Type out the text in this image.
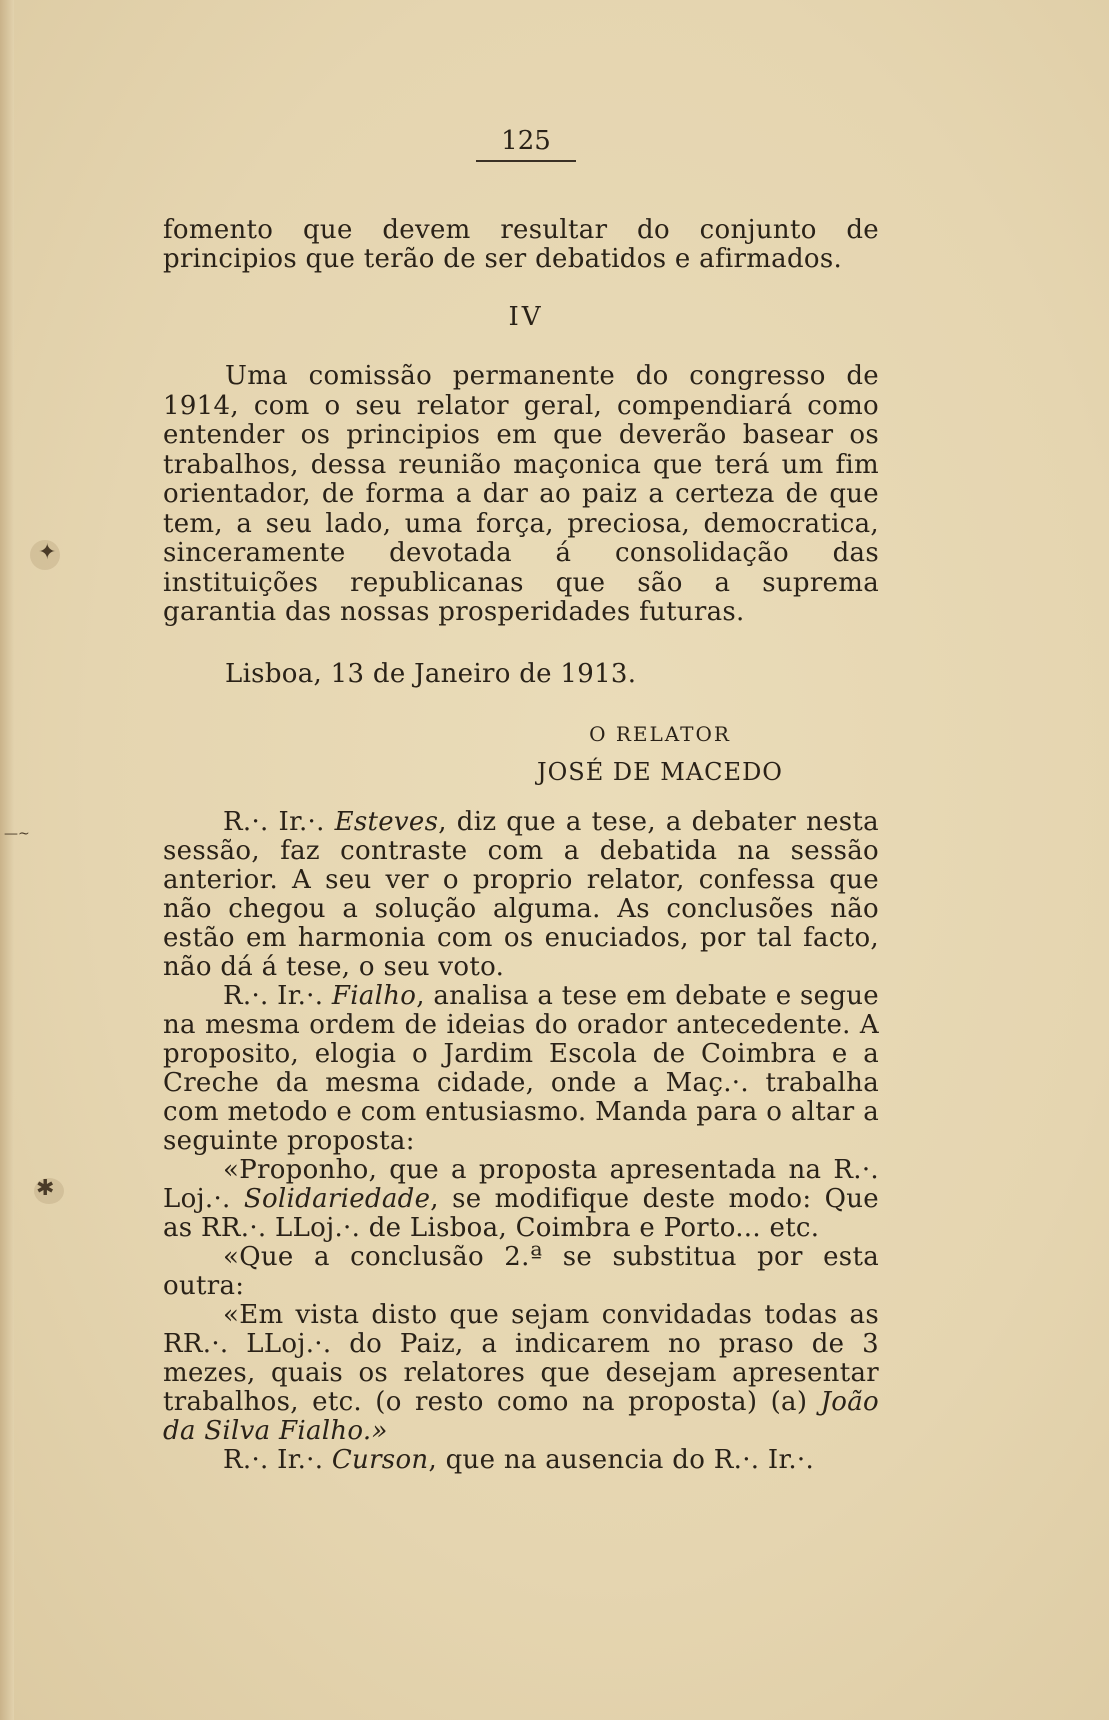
✦
✱
—~
125
fomento que devem resultar do conjunto de principios que terão de ser debatidos e afirmados.
IV
Uma comissão permanente do congresso de 1914, com o seu relator geral, compendiará como entender os principios em que deverão basear os trabalhos, dessa reunião maçonica que terá um fim orientador, de forma a dar ao paiz a certeza de que tem, a seu lado, uma força, preciosa, democratica, sinceramente devotada á consolidação das instituições republicanas que são a suprema garantia das nossas prosperidades futuras.
Lisboa, 13 de Janeiro de 1913.
O RELATOR
JOSÉ DE MACEDO

R.·. Ir.·. Esteves, diz que a tese, a debater nesta sessão, faz contraste com a debatida na sessão anterior. A seu ver o proprio relator, confessa que não chegou a solução alguma. As conclusões não estão em harmonia com os enuciados, por tal facto, não dá á tese, o seu voto.

R.·. Ir.·. Fialho, analisa a tese em debate e segue na mesma ordem de ideias do orador antecedente. A proposito, elogia o Jardim Escola de Coimbra e a Creche da mesma cidade, onde a Maç.·. trabalha com metodo e com entusiasmo. Manda para o altar a seguinte proposta:

«Proponho, que a proposta apresentada na R.·. Loj.·. Solidariedade, se modifique deste modo: Que as RR.·. LLoj.·. de Lisboa, Coimbra e Porto... etc.

«Que a conclusão 2.ª se substitua por esta outra:

«Em vista disto que sejam convidadas todas as RR.·. LLoj.·. do Paiz, a indicarem no praso de 3 mezes, quais os relatores que desejam apresentar trabalhos, etc. (o resto como na proposta) (a) João da Silva Fialho.»

R.·. Ir.·. Curson, que na ausencia do R.·. Ir.·.
